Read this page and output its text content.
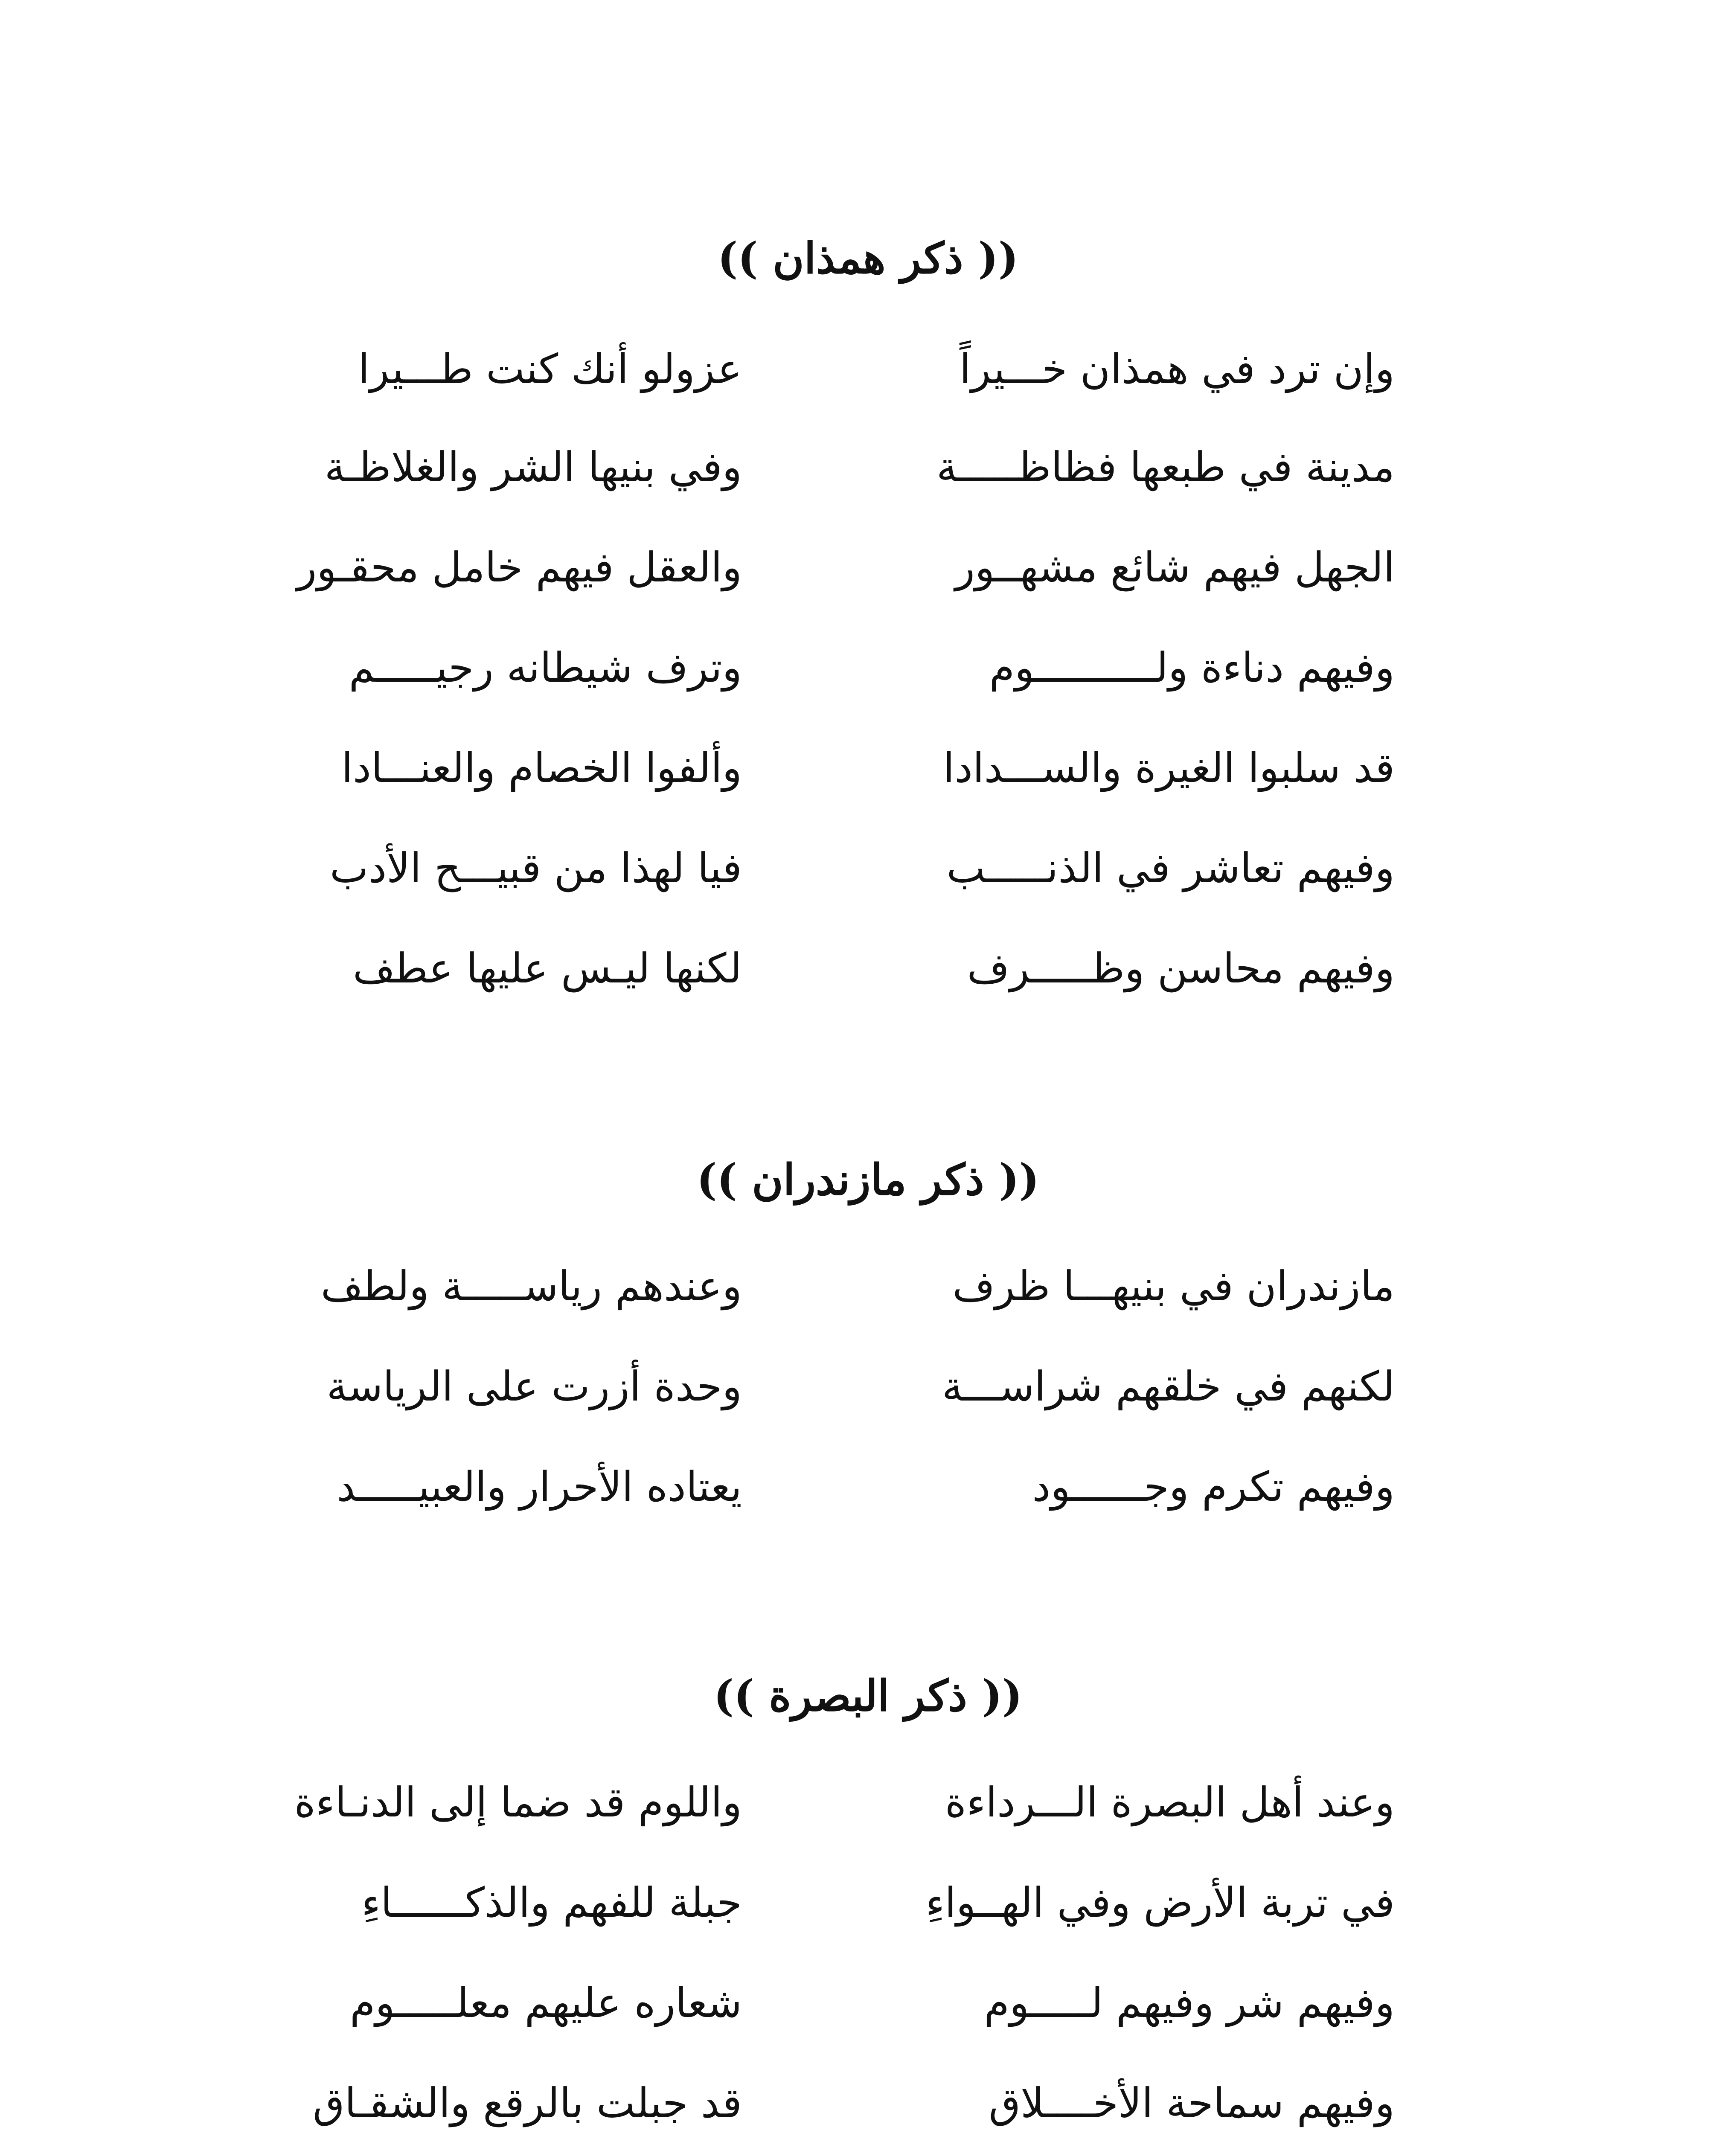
(( ذكر همذان ))
وإن ترد في همذان خـــيراً
عزولو أنك كنت طـــيرا
مدينة في طبعها فظاظـــــة
وفي بنيها الشر والغلاظـة
الجهل فيهم شائع مشهــور
والعقل فيهم خامل محقـور
وفيهم دناءة ولــــــــــوم
وترف شيطانه رجيـــــم
قد سلبوا الغيرة والســـدادا
وألفوا الخصام والعنـــادا
وفيهم تعاشر في الذنـــــب
فيا لهذا من قبيـــح الأدب
وفيهم محاسن وظـــــرف
لكنها ليـس عليها عطف
(( ذكر مازندران ))
مازندران في بنيهـــا ظرف
وعندهم رياســـــة ولطف
لكنهم في خلقهم شراســـة
وحدة أزرت على الرياسة
وفيهم تكرم وجــــــود
يعتاده الأحرار والعبيـــــد
(( ذكر البصرة ))
وعند أهل البصرة الـــرداءة
واللوم قد ضما إلى الدنـاءة
في تربة الأرض وفي الهــواءِ
جبلة للفهم والذكــــــاءِ
وفيهم شر وفيهم لـــــوم
شعاره عليهم معلـــــوم
وفيهم سماحة الأخــــلاق
قد جبلت بالرقع والشقـاق
